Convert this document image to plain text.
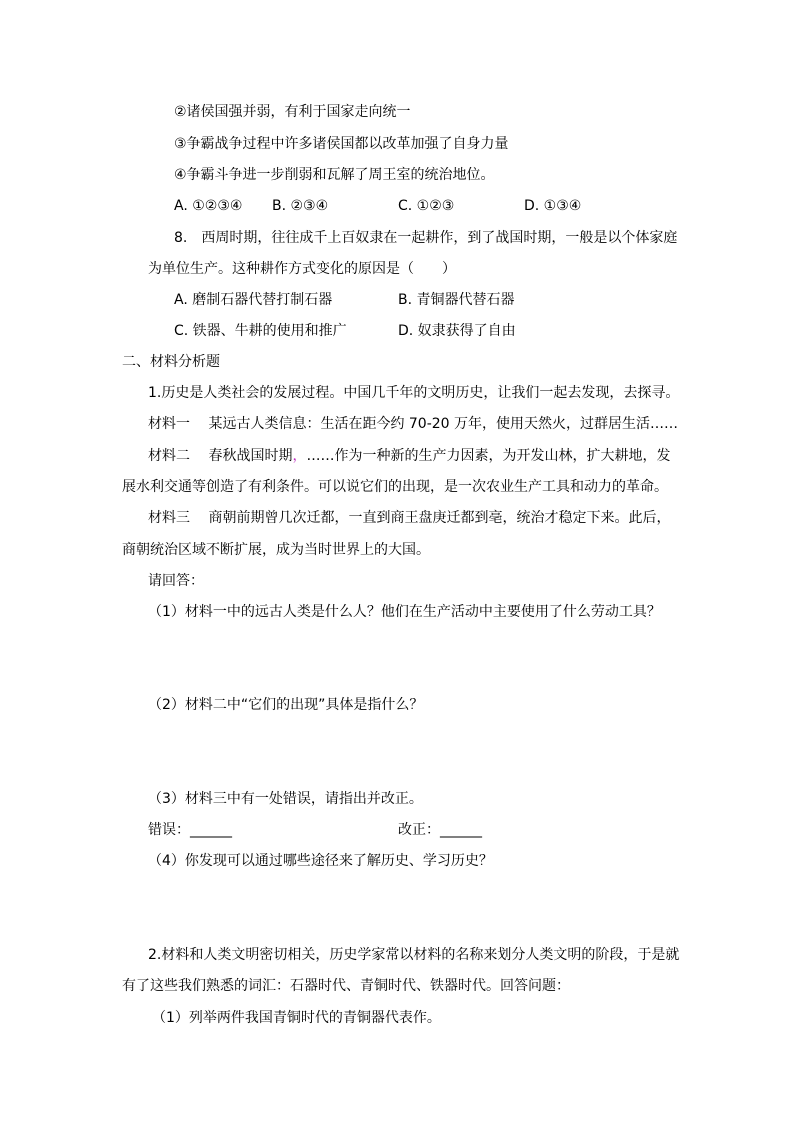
②诸侯国强并弱，有利于国家走向统一
③争霸战争过程中许多诸侯国都以改革加强了自身力量
④争霸斗争进一步削弱和瓦解了周王室的统治地位。
A. ①②③④ B. ②③④	C. ①②③	D. ①③④
8.　西周时期，往往成千上百奴隶在一起耕作，到了战国时期，一般是以个体家庭
为单位生产。这种耕作方式变化的原因是（　　）
A. 磨制石器代替打制石器	B. 青铜器代替石器
C. 铁器、牛耕的使用和推广	D. 奴隶获得了自由
二、材料分析题
1.历史是人类社会的发展过程。中国几千年的文明历史，让我们一起去发现，去探寻。
材料一　 某远古人类信息：生活在距今约 70-20 万年，使用天然火，过群居生活……
材料二　 春秋战国时期，……作为一种新的生产力因素，为开发山林，扩大耕地，发
展水利交通等创造了有利条件。可以说它们的出现，是一次农业生产工具和动力的革命。
材料三　 商朝前期曾几次迁都，一直到商王盘庚迁都到亳，统治才稳定下来。此后，
商朝统治区域不断扩展，成为当时世界上的大国。
请回答：
（1）材料一中的远古人类是什么人？他们在生产活动中主要使用了什么劳动工具？
（2）材料二中“它们的出现”具体是指什么？
（3）材料三中有一处错误，请指出并改正。
错误：______	改正：______
（4）你发现可以通过哪些途径来了解历史、学习历史？
2.材料和人类文明密切相关，历史学家常以材料的名称来划分人类文明的阶段，于是就
有了这些我们熟悉的词汇：石器时代、青铜时代、铁器时代。回答问题：
（1）列举两件我国青铜时代的青铜器代表作。
